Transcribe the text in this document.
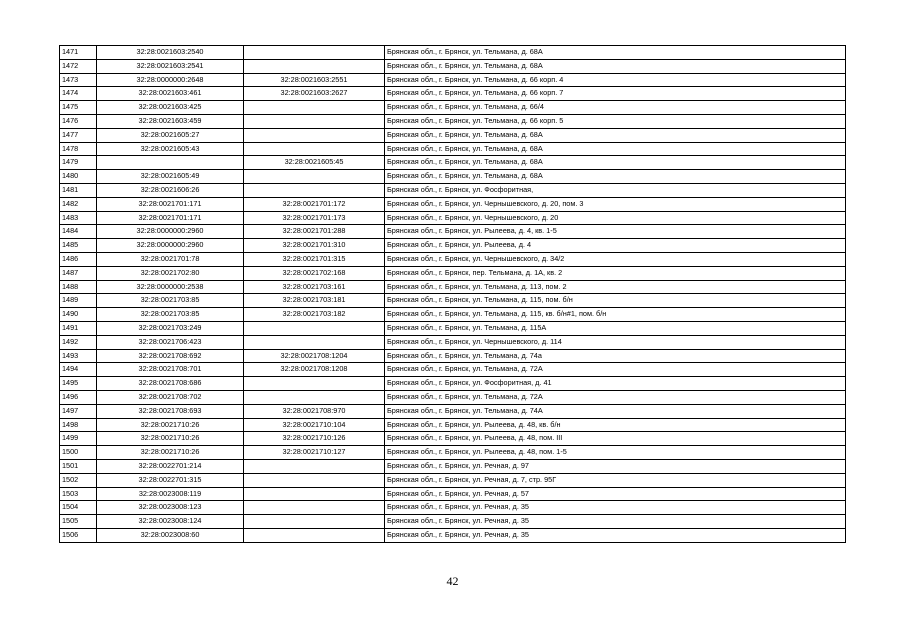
1471	32:28:0021603:2540		Брянская обл., г. Брянск, ул. Тельмана, д. 68А
1472	32:28:0021603:2541		Брянская обл., г. Брянск, ул. Тельмана, д. 68А
1473	32:28:0000000:2648	32:28:0021603:2551	Брянская обл., г. Брянск, ул. Тельмана, д. 66 корп. 4
1474	32:28:0021603:461	32:28:0021603:2627	Брянская обл., г. Брянск, ул. Тельмана, д. 66 корп. 7
1475	32:28:0021603:425		Брянская обл., г. Брянск, ул. Тельмана, д. 66/4
1476	32:28:0021603:459		Брянская обл., г. Брянск, ул. Тельмана, д. 66 корп. 5
1477	32:28:0021605:27		Брянская обл., г. Брянск, ул. Тельмана, д. 68А
1478	32:28:0021605:43		Брянская обл., г. Брянск, ул. Тельмана, д. 68А
1479		32:28:0021605:45	Брянская обл., г. Брянск, ул. Тельмана, д. 68А
1480	32:28:0021605:49		Брянская обл., г. Брянск, ул. Тельмана, д. 68А
1481	32:28:0021606:26		Брянская обл., г. Брянск, ул. Фосфоритная,
1482	32:28:0021701:171	32:28:0021701:172	Брянская обл., г. Брянск, ул. Чернышевского, д. 20, пом. 3
1483	32:28:0021701:171	32:28:0021701:173	Брянская обл., г. Брянск, ул. Чернышевского, д. 20
1484	32:28:0000000:2960	32:28:0021701:288	Брянская обл., г. Брянск, ул. Рылеева, д. 4, кв. 1-5
1485	32:28:0000000:2960	32:28:0021701:310	Брянская обл., г. Брянск, ул. Рылеева, д. 4
1486	32:28:0021701:78	32:28:0021701:315	Брянская обл., г. Брянск, ул. Чернышевского, д. 34/2
1487	32:28:0021702:80	32:28:0021702:168	Брянская обл., г. Брянск, пер. Тельмана, д. 1А, кв. 2
1488	32:28:0000000:2538	32:28:0021703:161	Брянская обл., г. Брянск, ул. Тельмана, д. 113, пом. 2
1489	32:28:0021703:85	32:28:0021703:181	Брянская обл., г. Брянск, ул. Тельмана, д. 115, пом. б/н
1490	32:28:0021703:85	32:28:0021703:182	Брянская обл., г. Брянск, ул. Тельмана, д. 115, кв. б/н#1, пом. б/н
1491	32:28:0021703:249		Брянская обл., г. Брянск, ул. Тельмана, д. 115А
1492	32:28:0021706:423		Брянская обл., г. Брянск, ул. Чернышевского, д. 114
1493	32:28:0021708:692	32:28:0021708:1204	Брянская обл., г. Брянск, ул. Тельмана, д. 74а
1494	32:28:0021708:701	32:28:0021708:1208	Брянская обл., г. Брянск, ул. Тельмана, д. 72А
1495	32:28:0021708:686		Брянская обл., г. Брянск, ул. Фосфоритная, д. 41
1496	32:28:0021708:702		Брянская обл., г. Брянск, ул. Тельмана, д. 72А
1497	32:28:0021708:693	32:28:0021708:970	Брянская обл., г. Брянск, ул. Тельмана, д. 74А
1498	32:28:0021710:26	32:28:0021710:104	Брянская обл., г. Брянск, ул. Рылеева, д. 48, кв. б/н
1499	32:28:0021710:26	32:28:0021710:126	Брянская обл., г. Брянск, ул. Рылеева, д. 48, пом. III
1500	32:28:0021710:26	32:28:0021710:127	Брянская обл., г. Брянск, ул. Рылеева, д. 48, пом. 1-5
1501	32:28:0022701:214		Брянская обл., г. Брянск, ул. Речная, д. 97
1502	32:28:0022701:315		Брянская обл., г. Брянск, ул. Речная, д. 7, стр. 95Г
1503	32:28:0023008:119		Брянская обл., г. Брянск, ул. Речная, д. 57
1504	32:28:0023008:123		Брянская обл., г. Брянск, ул. Речная, д. 35
1505	32:28:0023008:124		Брянская обл., г. Брянск, ул. Речная, д. 35
1506	32:28:0023008:60		Брянская обл., г. Брянск, ул. Речная, д. 35
42
